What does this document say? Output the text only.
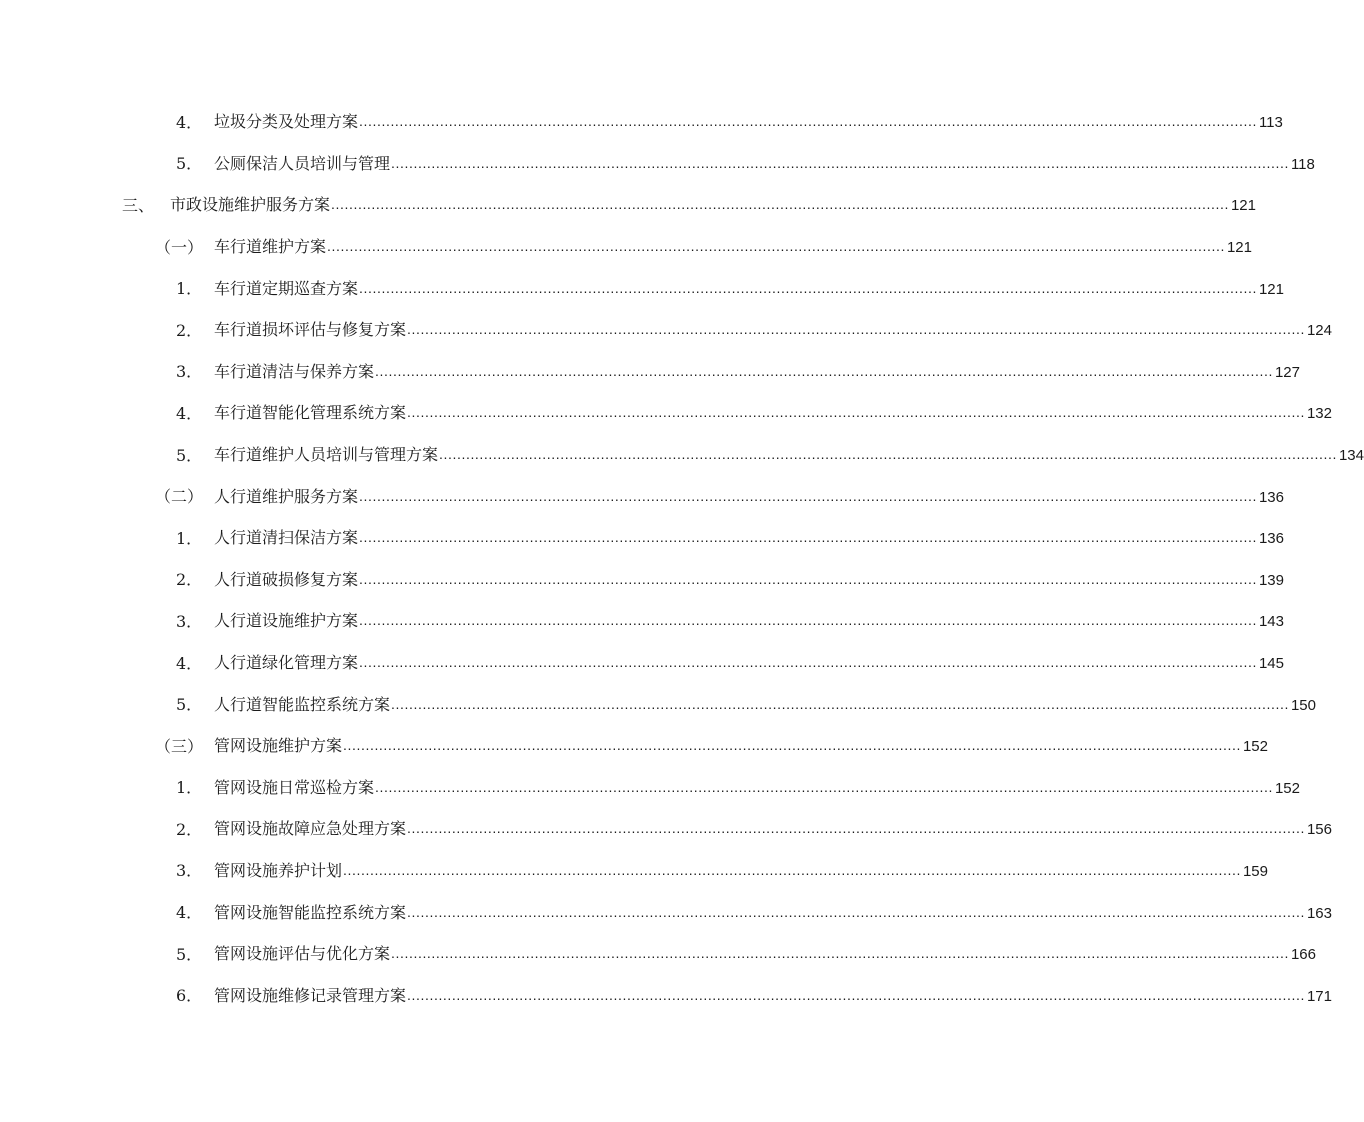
4． 垃圾分类及处理方案 ........................................................................................................................................................................................................ 113
5． 公厕保洁人员培训与管理 ........................................................................................................................................................................................................ 118
三、 市政设施维护服务方案 ........................................................................................................................................................................................................ 121
（一） 车行道维护方案 ........................................................................................................................................................................................................ 121
1． 车行道定期巡查方案 ........................................................................................................................................................................................................ 121
2． 车行道损坏评估与修复方案 ........................................................................................................................................................................................................ 124
3． 车行道清洁与保养方案 ........................................................................................................................................................................................................ 127
4． 车行道智能化管理系统方案 ........................................................................................................................................................................................................ 132
5． 车行道维护人员培训与管理方案 ........................................................................................................................................................................................................ 134
（二） 人行道维护服务方案 ........................................................................................................................................................................................................ 136
1． 人行道清扫保洁方案 ........................................................................................................................................................................................................ 136
2． 人行道破损修复方案 ........................................................................................................................................................................................................ 139
3． 人行道设施维护方案 ........................................................................................................................................................................................................ 143
4． 人行道绿化管理方案 ........................................................................................................................................................................................................ 145
5． 人行道智能监控系统方案 ........................................................................................................................................................................................................ 150
（三） 管网设施维护方案 ........................................................................................................................................................................................................ 152
1． 管网设施日常巡检方案 ........................................................................................................................................................................................................ 152
2． 管网设施故障应急处理方案 ........................................................................................................................................................................................................ 156
3． 管网设施养护计划 ........................................................................................................................................................................................................ 159
4． 管网设施智能监控系统方案 ........................................................................................................................................................................................................ 163
5． 管网设施评估与优化方案 ........................................................................................................................................................................................................ 166
6． 管网设施维修记录管理方案 ........................................................................................................................................................................................................ 171
